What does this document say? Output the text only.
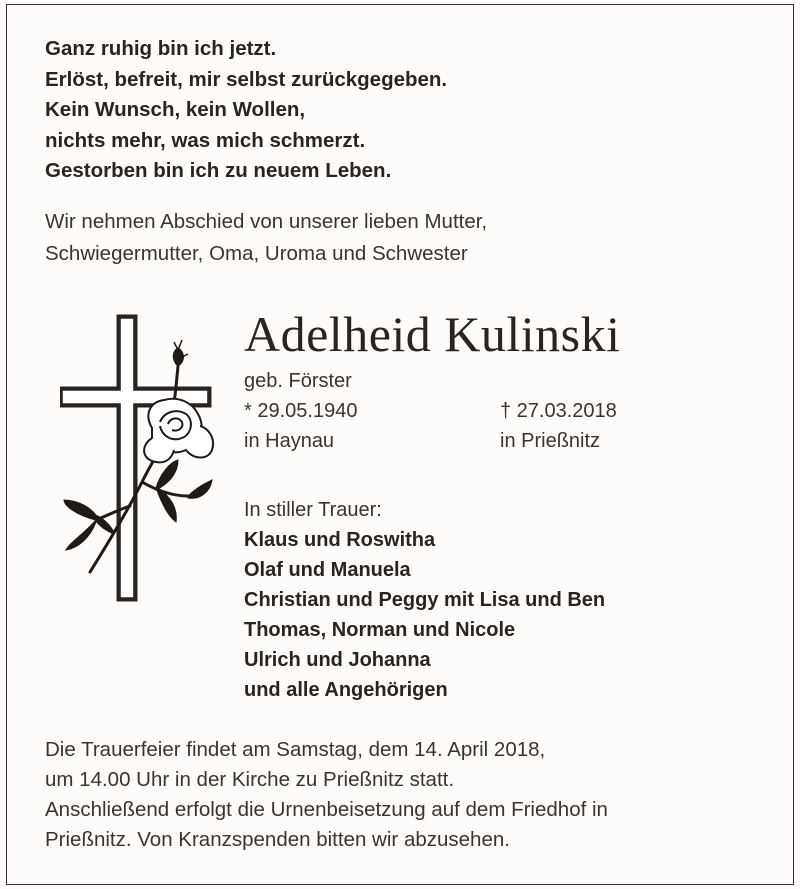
Ganz ruhig bin ich jetzt.
Erlöst, befreit, mir selbst zurückgegeben.
Kein Wunsch, kein Wollen,
nichts mehr, was mich schmerzt.
Gestorben bin ich zu neuem Leben.
Wir nehmen Abschied von unserer lieben Mutter,
Schwiegermutter, Oma, Uroma und Schwester
Adelheid Kulinski
geb. Förster
* 29.05.1940
in Haynau
† 27.03.2018
in Prießnitz
In stiller Trauer:
Klaus und Roswitha
Olaf und Manuela
Christian und Peggy mit Lisa und Ben
Thomas, Norman und Nicole
Ulrich und Johanna
und alle Angehörigen
Die Trauerfeier findet am Samstag, dem 14. April 2018,
um 14.00 Uhr in der Kirche zu Prießnitz statt.
Anschließend erfolgt die Urnenbeisetzung auf dem Friedhof in
Prießnitz. Von Kranzspenden bitten wir abzusehen.
